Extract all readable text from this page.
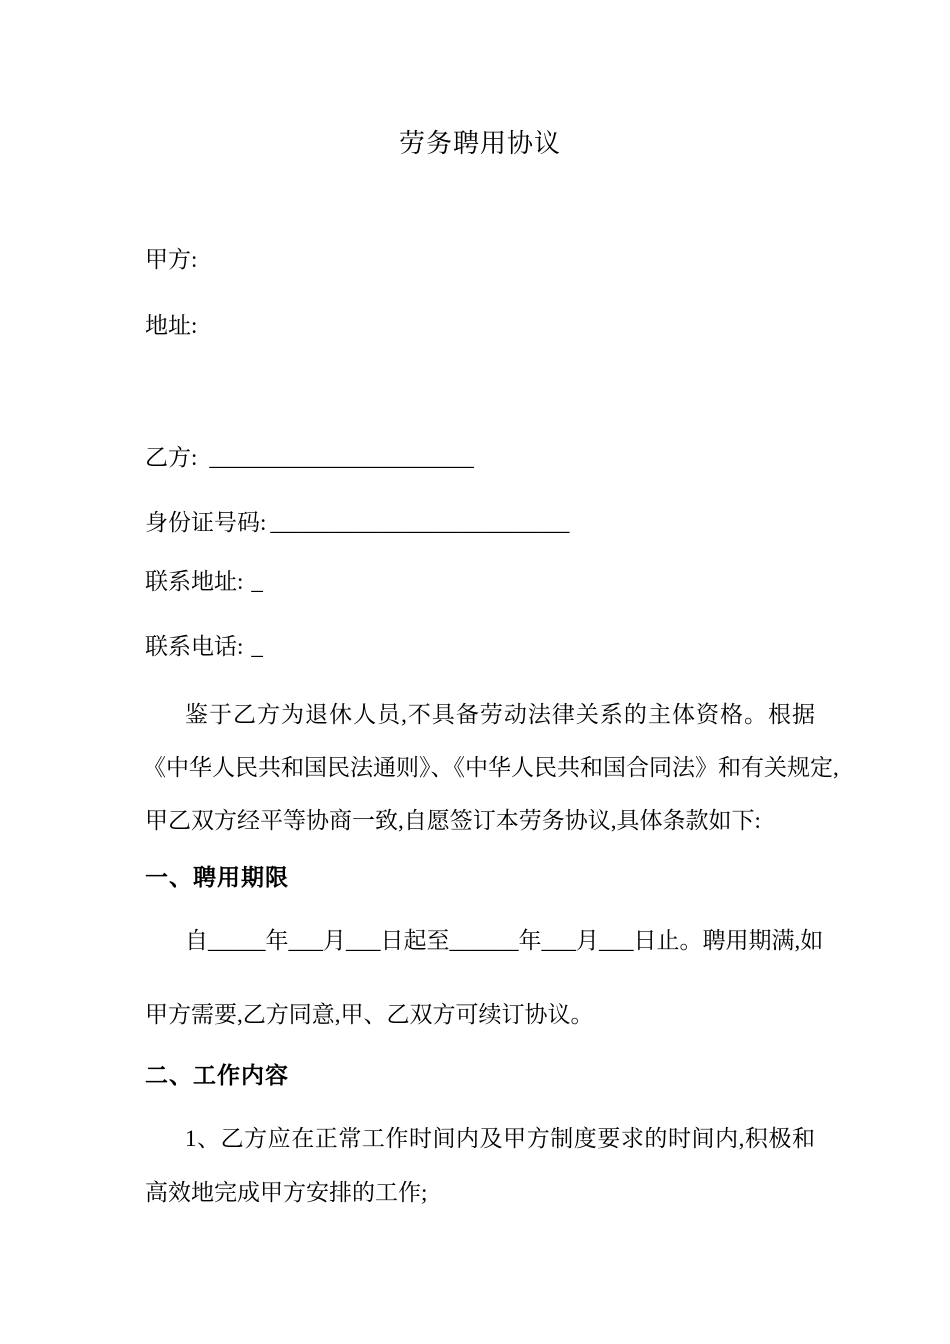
劳务聘用协议
甲方:
地址:
乙方: _______________________
身份证号码: __________________________
联系地址: _
联系电话: _
鉴于乙方为退休人员,不具备劳动法律关系的主体资格。根据
《中华人民共和国民法通则》、《中华人民共和国合同法》和有关规定,
甲乙双方经平等协商一致,自愿签订本劳务协议,具体条款如下:
一、聘用期限
自_____年___月___日起至______年___月___日止。聘用期满,如
甲方需要,乙方同意,甲、乙双方可续订协议。
二、工作内容
1、乙方应在正常工作时间内及甲方制度要求的时间内,积极和
高效地完成甲方安排的工作;
